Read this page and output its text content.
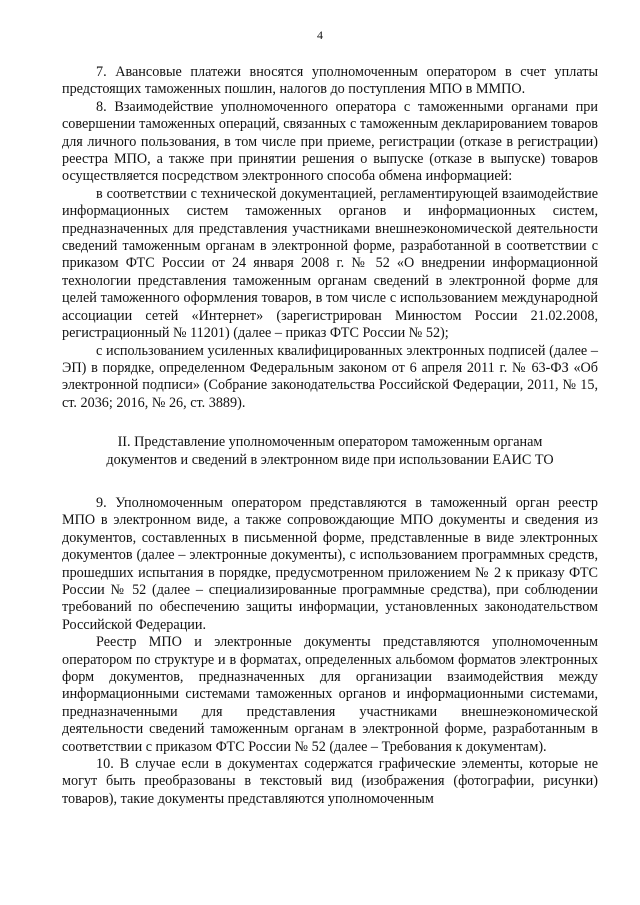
4

7. Авансовые платежи вносятся уполномоченным оператором в счет уплаты предстоящих таможенных пошлин, налогов до поступления МПО в ММПО.

8. Взаимодействие уполномоченного оператора с таможенными органами при совершении таможенных операций, связанных с таможенным декларированием товаров для личного пользования, в том числе при приеме, регистрации (отказе в регистрации) реестра МПО, а также при принятии решения о выпуске (отказе в выпуске) товаров осуществляется посредством электронного способа обмена информацией:

в соответствии с технической документацией, регламентирующей взаимодействие информационных систем таможенных органов и информационных систем, предназначенных для представления участниками внешнеэкономической деятельности сведений таможенным органам в электронной форме, разработанной в соответствии с приказом ФТС России от 24 января 2008 г. № 52 «О внедрении информационной технологии представления таможенным органам сведений в электронной форме для целей таможенного оформления товаров, в том числе с использованием международной ассоциации сетей «Интернет» (зарегистрирован Минюстом России 21.02.2008, регистрационный № 11201) (далее – приказ ФТС России № 52);

с использованием усиленных квалифицированных электронных подписей (далее – ЭП) в порядке, определенном Федеральным законом от 6 апреля 2011 г. № 63-ФЗ «Об электронной подписи» (Собрание законодательства Российской Федерации, 2011, № 15, ст. 2036; 2016, № 26, ст. 3889).

II. Представление уполномоченным оператором таможенным органам документов и сведений в электронном виде при использовании ЕАИС ТО

9. Уполномоченным оператором представляются в таможенный орган реестр МПО в электронном виде, а также сопровождающие МПО документы и сведения из документов, составленных в письменной форме, представленные в виде электронных документов (далее – электронные документы), с использованием программных средств, прошедших испытания в порядке, предусмотренном приложением № 2 к приказу ФТС России № 52 (далее – специализированные программные средства), при соблюдении требований по обеспечению защиты информации, установленных законодательством Российской Федерации.

Реестр МПО и электронные документы представляются уполномоченным оператором по структуре и в форматах, определенных альбомом форматов электронных форм документов, предназначенных для организации взаимодействия между информационными системами таможенных органов и информационными системами, предназначенными для представления участниками внешнеэкономической деятельности сведений таможенным органам в электронной форме, разработанным в соответствии с приказом ФТС России № 52 (далее – Требования к документам).

10. В случае если в документах содержатся графические элементы, которые не могут быть преобразованы в текстовый вид (изображения (фотографии, рисунки) товаров), такие документы представляются уполномоченным
